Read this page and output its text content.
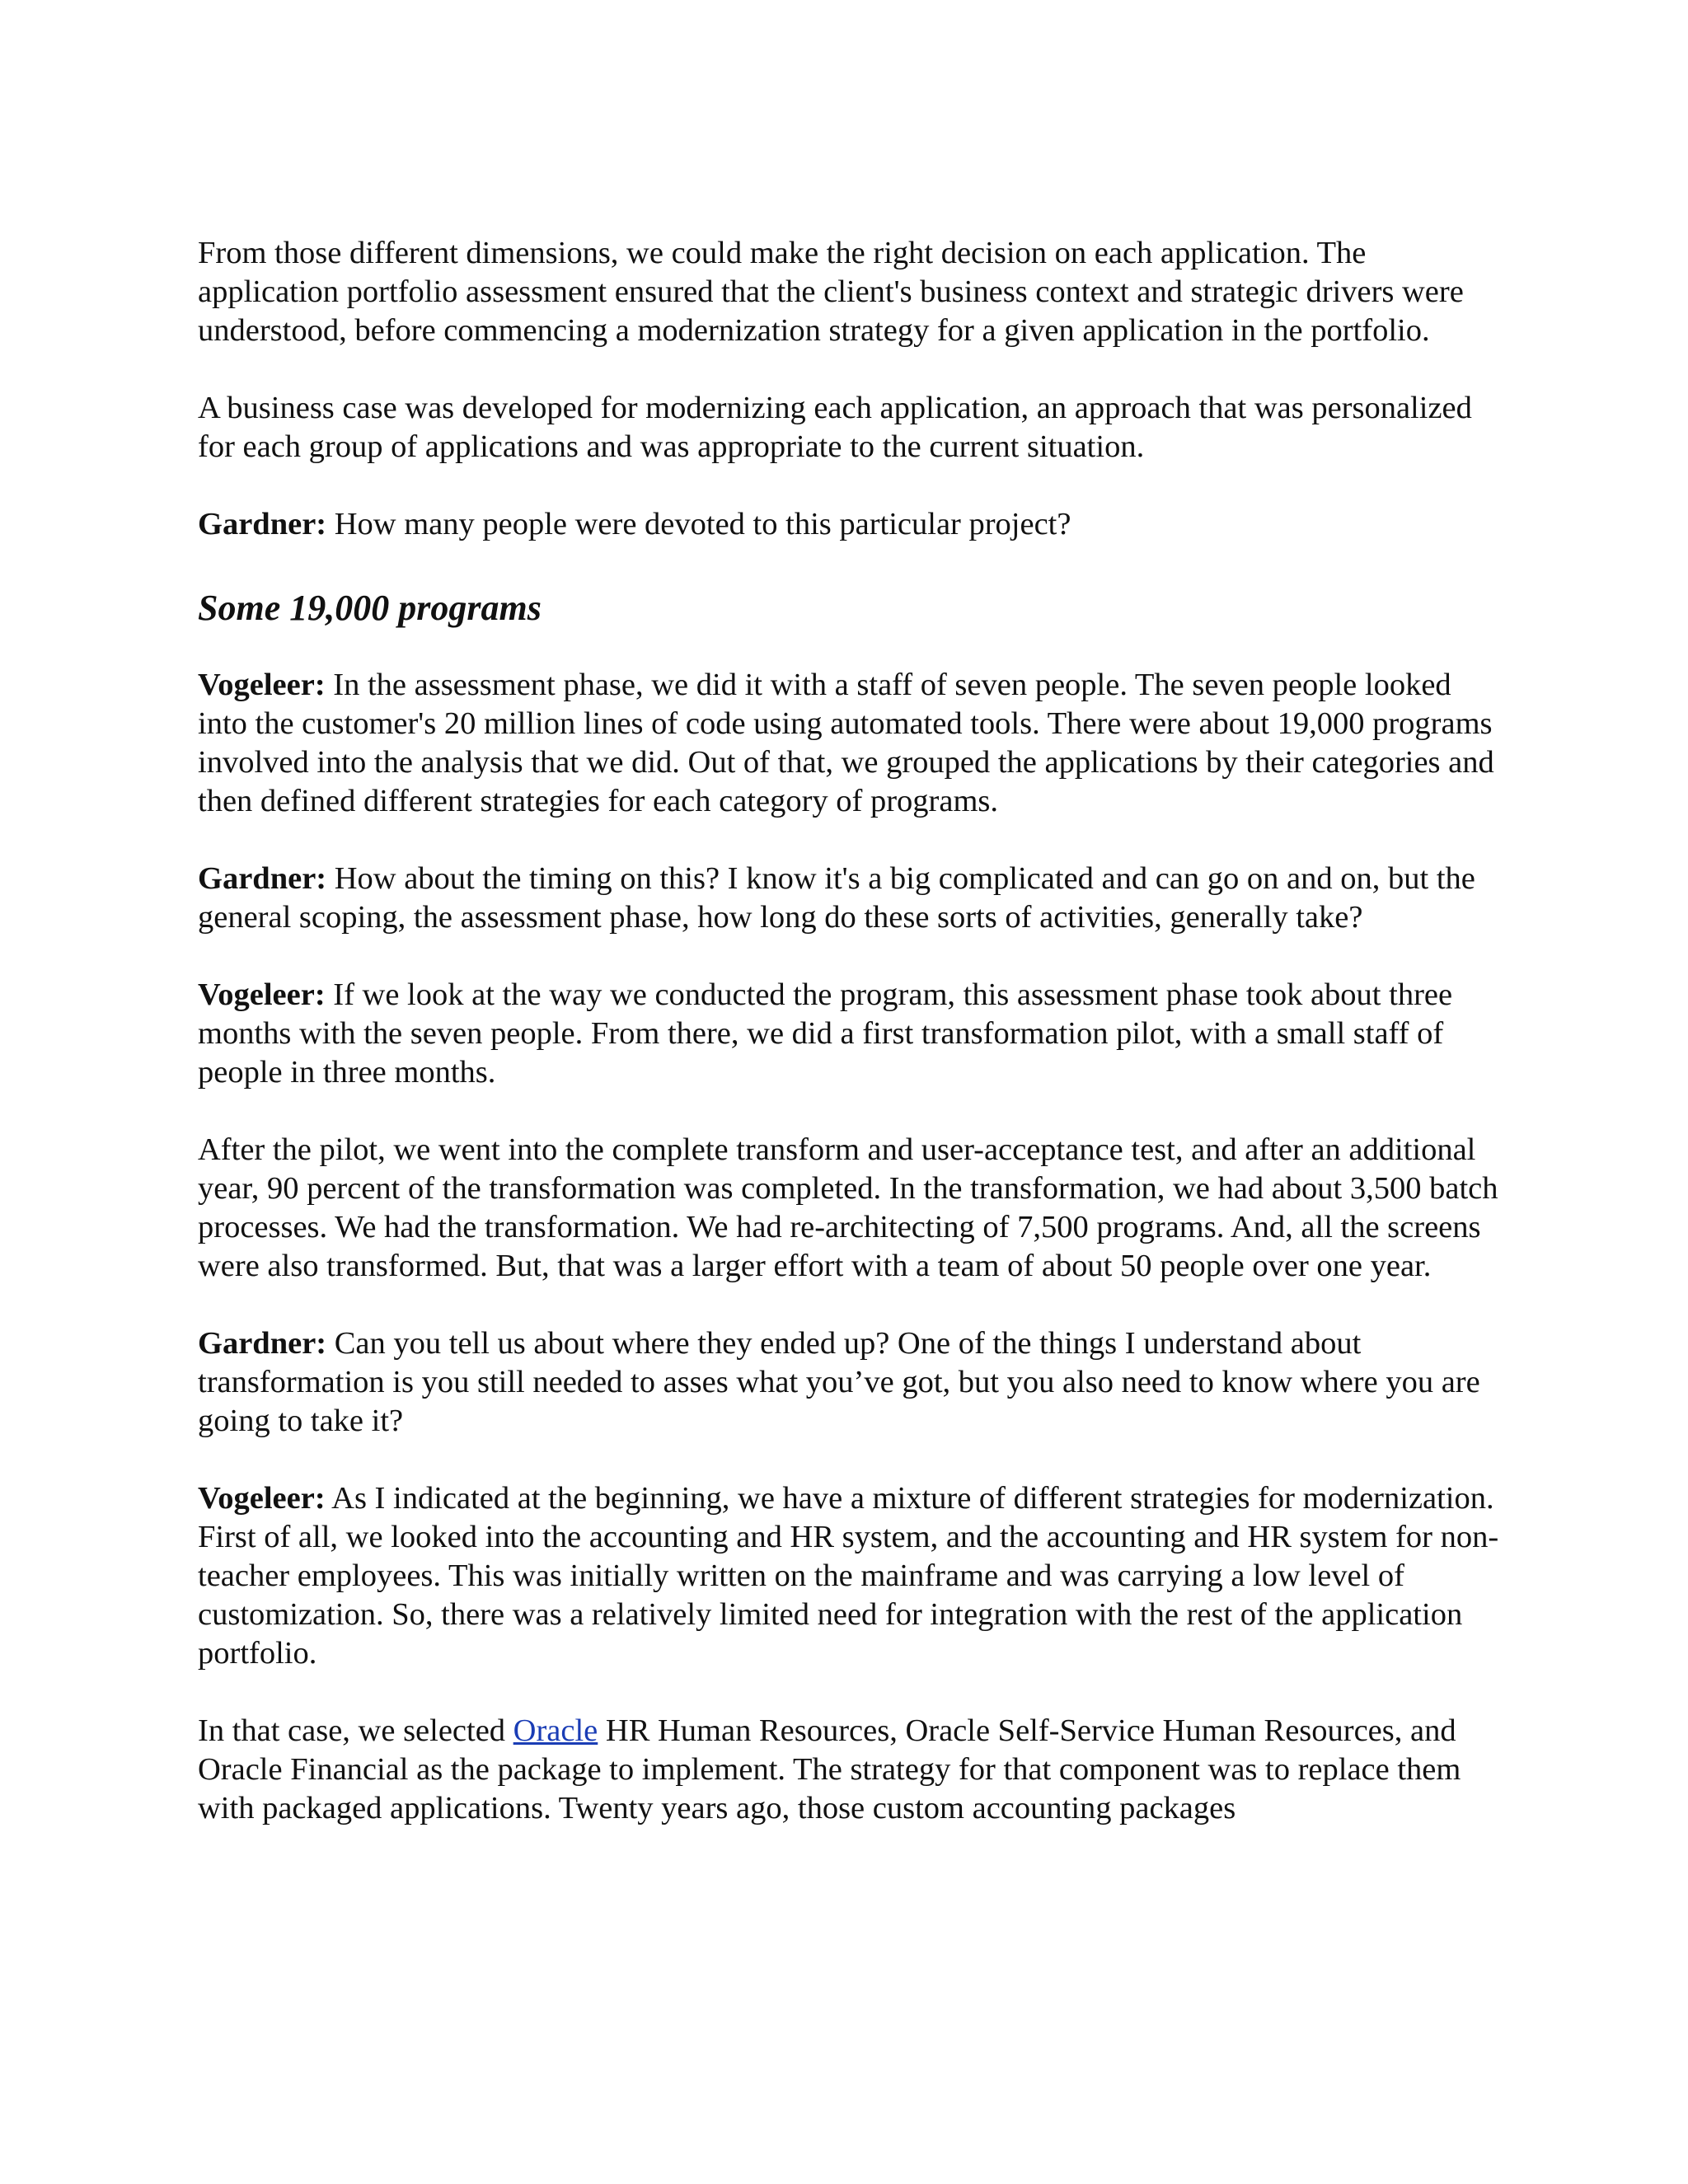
From those different dimensions, we could make the right decision on each application. The application portfolio assessment ensured that the client's business context and strategic drivers were understood, before commencing a modernization strategy for a given application in the portfolio.

A business case was developed for modernizing each application, an approach that was personalized for each group of applications and was appropriate to the current situation.

Gardner: How many people were devoted to this particular project?

Some 19,000 programs

Vogeleer: In the assessment phase, we did it with a staff of seven people. The seven people looked into the customer's 20 million lines of code using automated tools. There were about 19,000 programs involved into the analysis that we did. Out of that, we grouped the applications by their categories and then defined different strategies for each category of programs.

Gardner: How about the timing on this? I know it's a big complicated and can go on and on, but the general scoping, the assessment phase, how long do these sorts of activities, generally take?

Vogeleer: If we look at the way we conducted the program, this assessment phase took about three months with the seven people. From there, we did a first transformation pilot, with a small staff of people in three months.

After the pilot, we went into the complete transform and user-acceptance test, and after an additional year, 90 percent of the transformation was completed. In the transformation, we had about 3,500 batch processes. We had the transformation. We had re-architecting of 7,500 programs. And, all the screens were also transformed. But, that was a larger effort with a team of about 50 people over one year.

Gardner: Can you tell us about where they ended up? One of the things I understand about transformation is you still needed to asses what you’ve got, but you also need to know where you are going to take it?

Vogeleer: As I indicated at the beginning, we have a mixture of different strategies for modernization. First of all, we looked into the accounting and HR system, and the accounting and HR system for non-teacher employees. This was initially written on the mainframe and was carrying a low level of customization. So, there was a relatively limited need for integration with the rest of the application portfolio.

In that case, we selected Oracle HR Human Resources, Oracle Self-Service Human Resources, and Oracle Financial as the package to implement. The strategy for that component was to replace them with packaged applications. Twenty years ago, those custom accounting packages
